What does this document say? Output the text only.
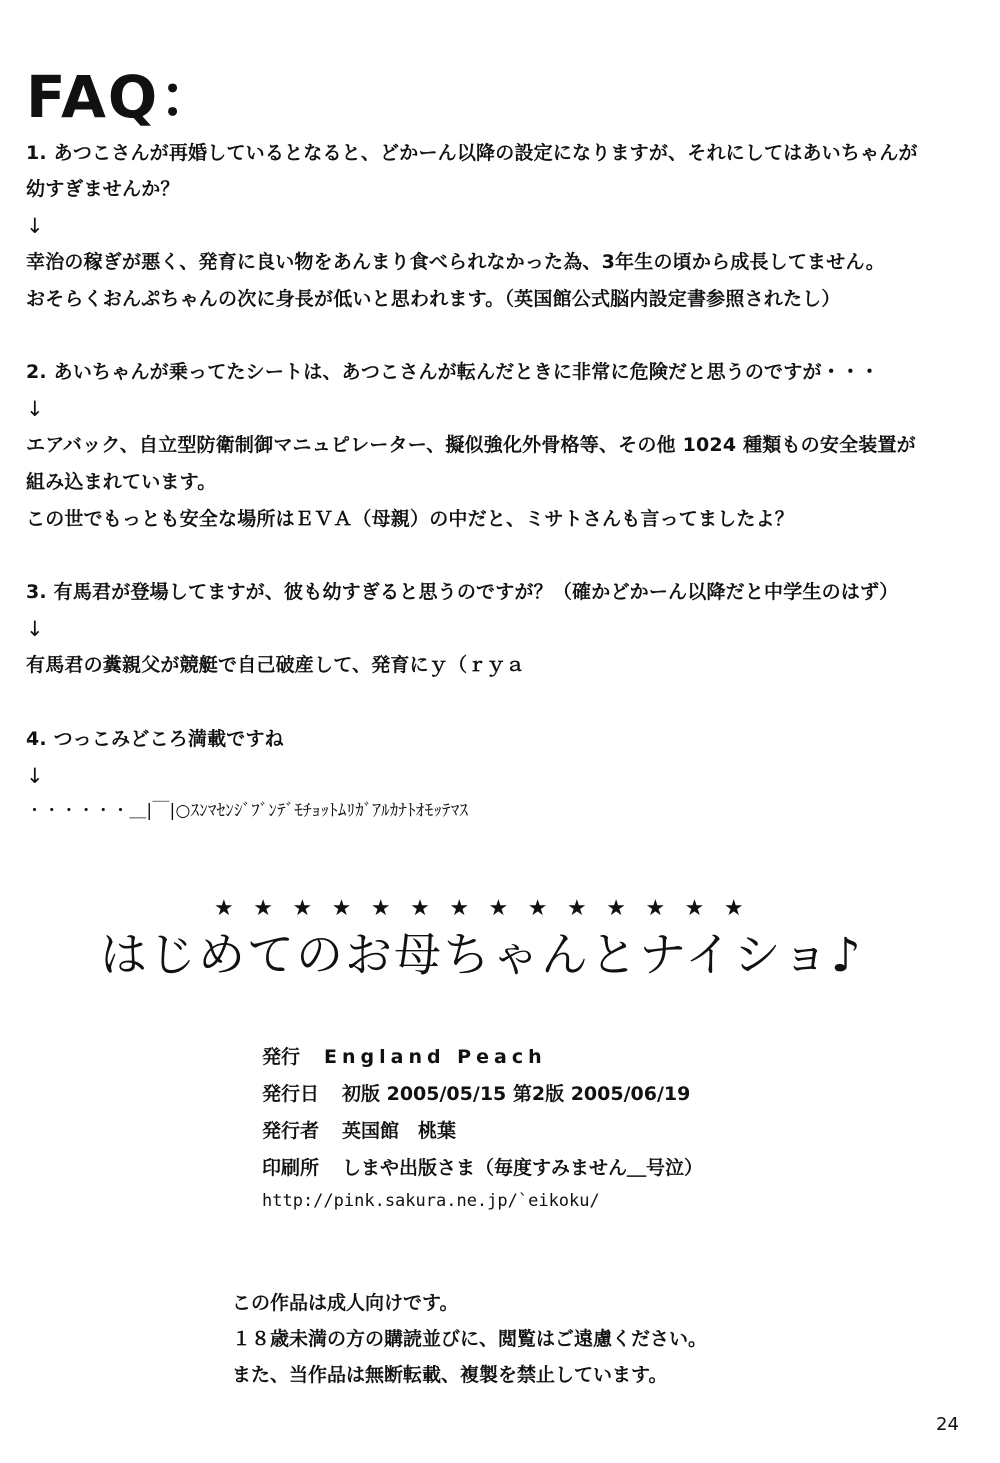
FAQ：
1. あつこさんが再婚しているとなると、どかーん以降の設定になりますが、それにしてはあいちゃんが
幼すぎませんか？
↓
幸治の稼ぎが悪く、発育に良い物をあんまり食べられなかった為、3年生の頃から成長してません。
おそらくおんぷちゃんの次に身長が低いと思われます。（英国館公式脳内設定書参照されたし）
2. あいちゃんが乗ってたシートは、あつこさんが転んだときに非常に危険だと思うのですが・・・
↓
エアバック、自立型防衛制御マニュピレーター、擬似強化外骨格等、その他 1024 種類もの安全装置が
組み込まれています。
この世でもっとも安全な場所はＥＶＡ（母親）の中だと、ミサトさんも言ってましたよ？
3. 有馬君が登場してますが、彼も幼すぎると思うのですが？（確かどかーん以降だと中学生のはず）
↓
有馬君の糞親父が競艇で自己破産して、発育にｙ（ｒｙａ
4. つっこみどころ満載ですね
↓
・・・・・・＿|￣|○ｽﾝﾏｾﾝｼﾞﾌﾞﾝﾃﾞﾓﾁｮｯﾄﾑﾘｶﾞｱﾙｶﾅﾄｵﾓｯﾃﾏｽ
★★★★★★★★★★★★★★
はじめてのお母ちゃんとナイショ♪
発行 England Peach
発行日 初版 2005/05/15 第2版 2005/06/19
発行者 英国館　桃葉
印刷所 しまや出版さま（毎度すみません＿号泣）
http://pink.sakura.ne.jp/`eikoku/
この作品は成人向けです。
１８歳未満の方の購読並びに、閲覧はご遠慮ください。
また、当作品は無断転載、複製を禁止しています。
24
